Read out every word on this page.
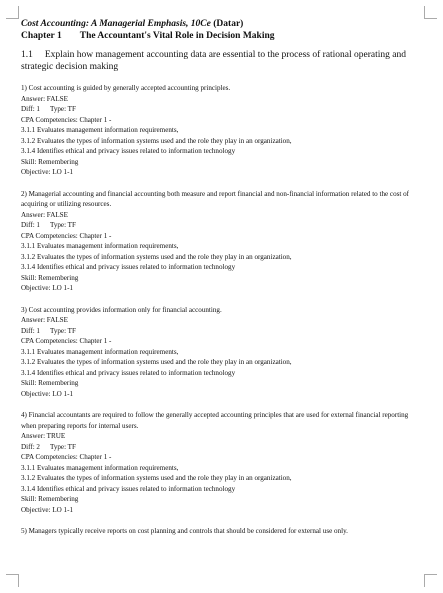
Cost Accounting: A Managerial Emphasis, 10Ce (Datar)
Chapter 1 The Accountant's Vital Role in Decision Making
1.1 Explain how management accounting data are essential to the process of rational operating and strategic decision making
1) Cost accounting is guided by generally accepted accounting principles.
Answer: FALSE
Diff: 1 Type: TF
CPA Competencies: Chapter 1 -
3.1.1 Evaluates management information requirements,
3.1.2 Evaluates the types of information systems used and the role they play in an organization,
3.1.4 Identifies ethical and privacy issues related to information technology
Skill: Remembering
Objective: LO 1-1
2) Managerial accounting and financial accounting both measure and report financial and non-financial information related to the cost of acquiring or utilizing resources.
Answer: FALSE
Diff: 1 Type: TF
CPA Competencies: Chapter 1 -
3.1.1 Evaluates management information requirements,
3.1.2 Evaluates the types of information systems used and the role they play in an organization,
3.1.4 Identifies ethical and privacy issues related to information technology
Skill: Remembering
Objective: LO 1-1
3) Cost accounting provides information only for financial accounting.
Answer: FALSE
Diff: 1 Type: TF
CPA Competencies: Chapter 1 -
3.1.1 Evaluates management information requirements,
3.1.2 Evaluates the types of information systems used and the role they play in an organization,
3.1.4 Identifies ethical and privacy issues related to information technology
Skill: Remembering
Objective: LO 1-1
4) Financial accountants are required to follow the generally accepted accounting principles that are used for external financial reporting when preparing reports for internal users.
Answer: TRUE
Diff: 2 Type: TF
CPA Competencies: Chapter 1 -
3.1.1 Evaluates management information requirements,
3.1.2 Evaluates the types of information systems used and the role they play in an organization,
3.1.4 Identifies ethical and privacy issues related to information technology
Skill: Remembering
Objective: LO 1-1
5) Managers typically receive reports on cost planning and controls that should be considered for external use only.
